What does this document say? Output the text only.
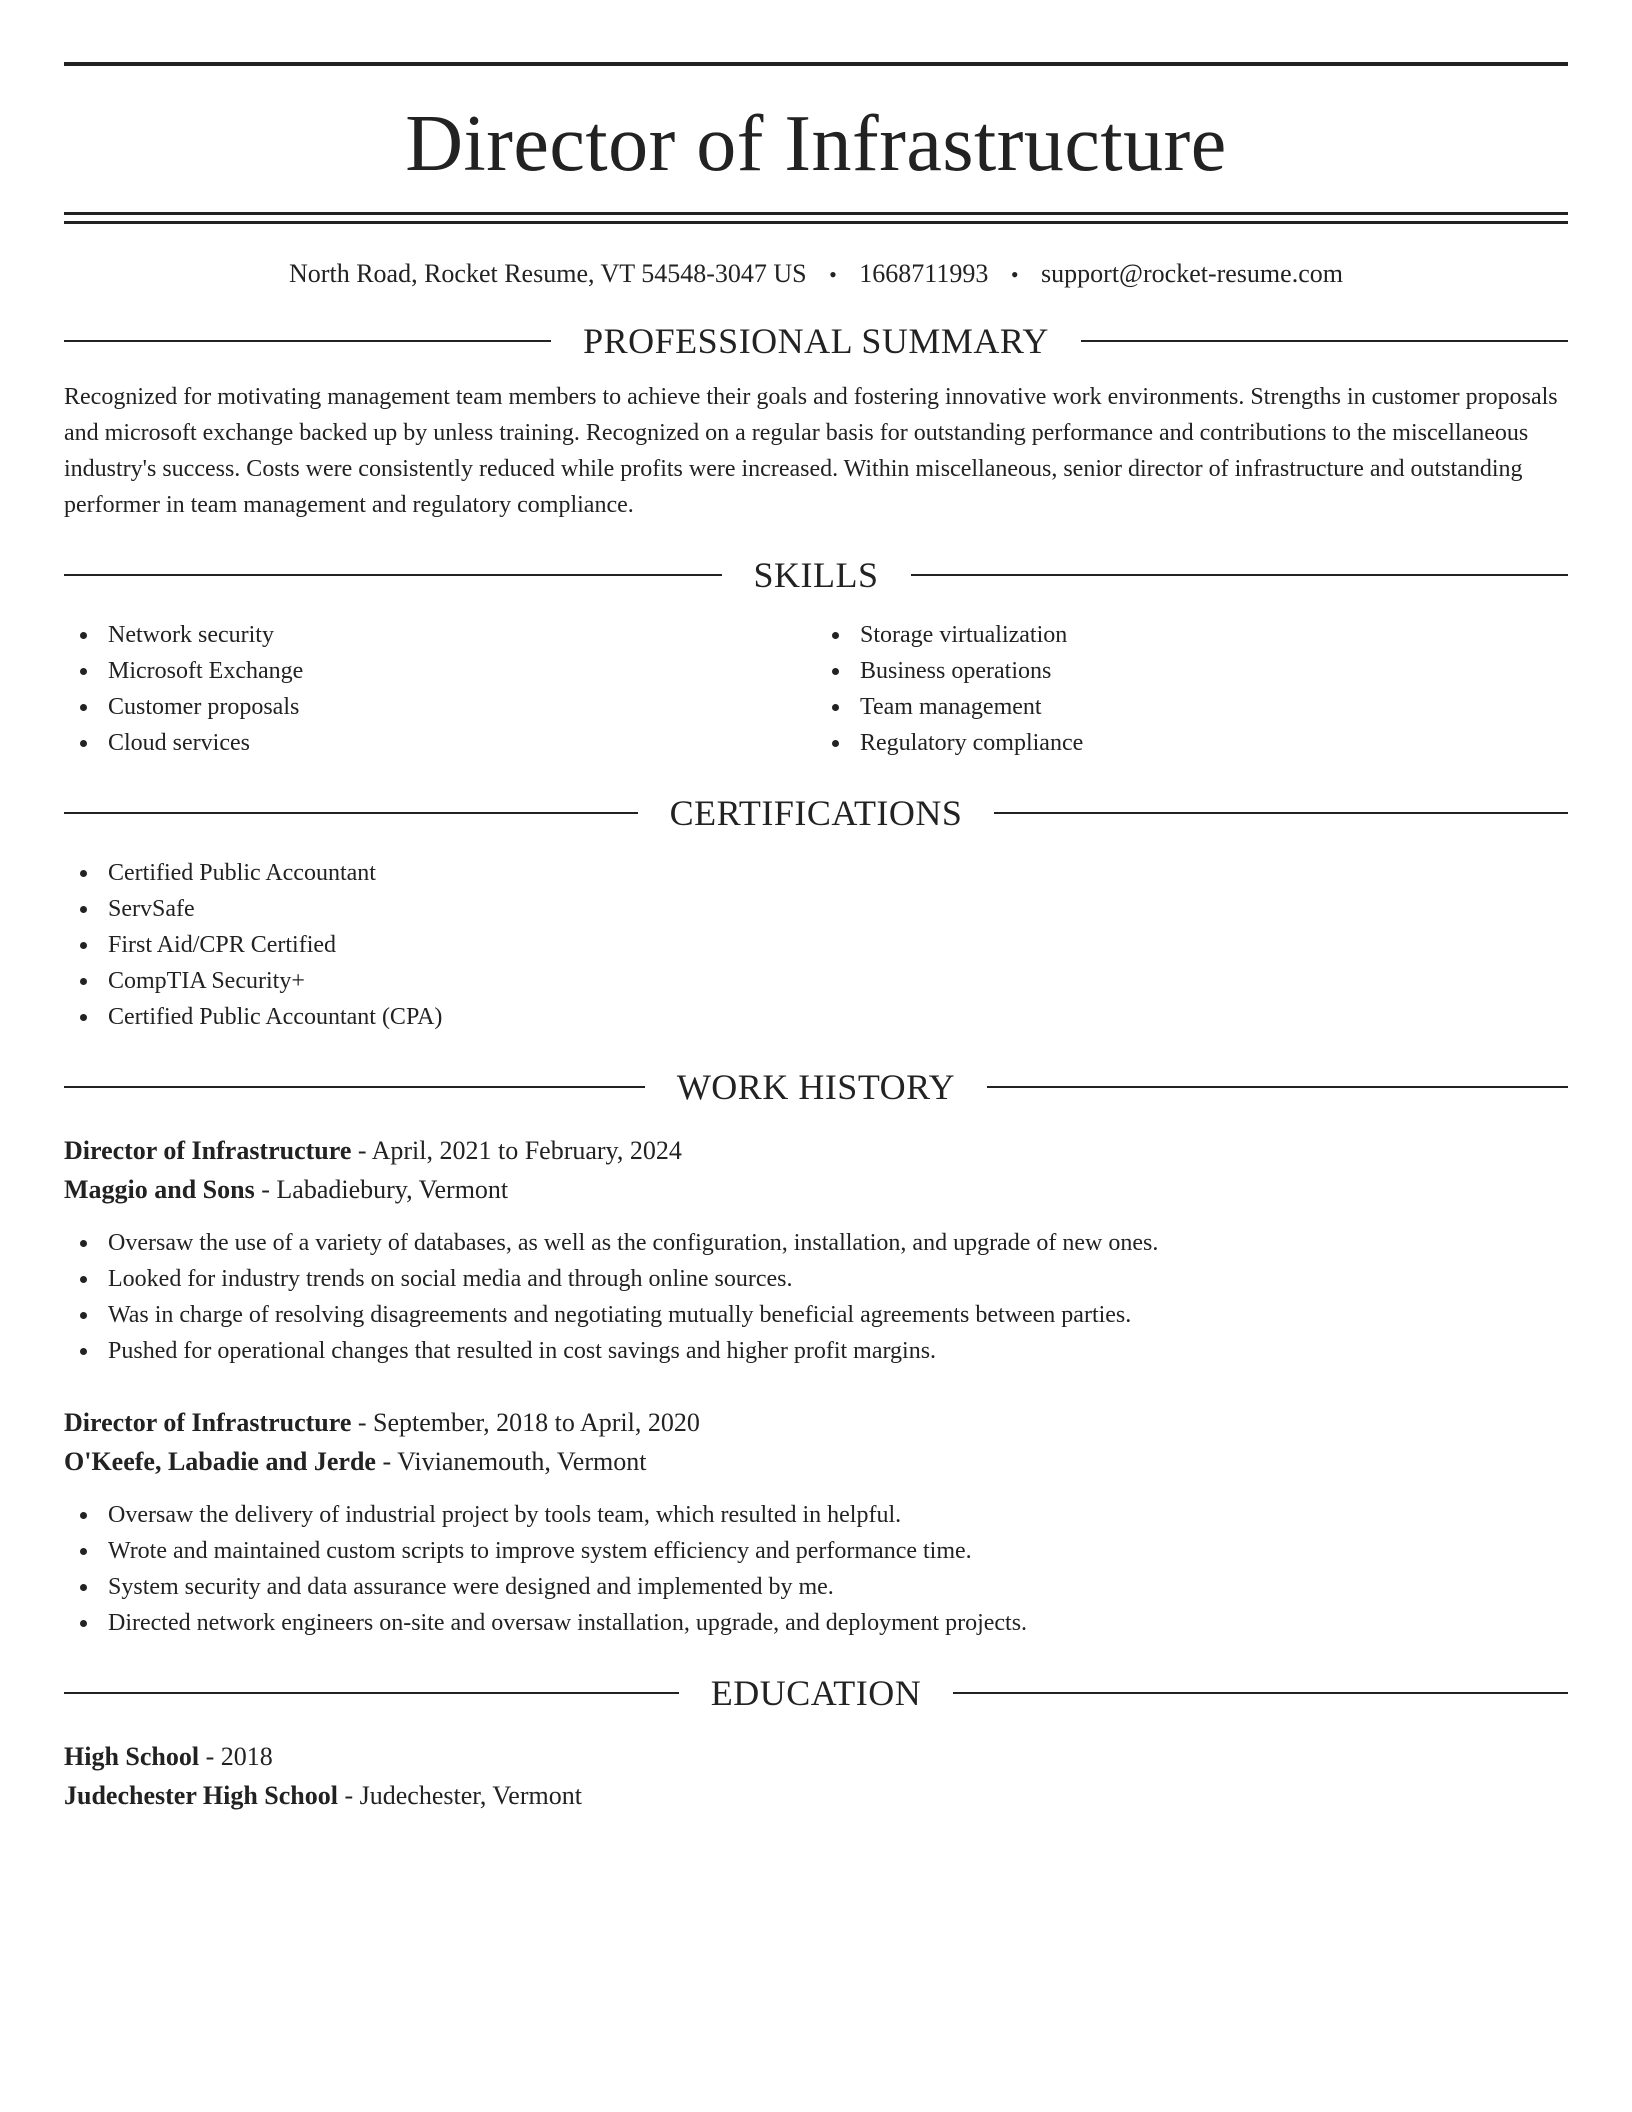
Director of Infrastructure
North Road, Rocket Resume, VT 54548-3047 US • 1668711993 • support@rocket-resume.com
PROFESSIONAL SUMMARY
Recognized for motivating management team members to achieve their goals and fostering innovative work environments. Strengths in customer proposals and microsoft exchange backed up by unless training. Recognized on a regular basis for outstanding performance and contributions to the miscellaneous industry's success. Costs were consistently reduced while profits were increased. Within miscellaneous, senior director of infrastructure and outstanding performer in team management and regulatory compliance.
SKILLS
Network security
Microsoft Exchange
Customer proposals
Cloud services
Storage virtualization
Business operations
Team management
Regulatory compliance
CERTIFICATIONS
Certified Public Accountant
ServSafe
First Aid/CPR Certified
CompTIA Security+
Certified Public Accountant (CPA)
WORK HISTORY
Director of Infrastructure - April, 2021 to February, 2024
Maggio and Sons - Labadiebury, Vermont
Oversaw the use of a variety of databases, as well as the configuration, installation, and upgrade of new ones.
Looked for industry trends on social media and through online sources.
Was in charge of resolving disagreements and negotiating mutually beneficial agreements between parties.
Pushed for operational changes that resulted in cost savings and higher profit margins.
Director of Infrastructure - September, 2018 to April, 2020
O'Keefe, Labadie and Jerde - Vivianemouth, Vermont
Oversaw the delivery of industrial project by tools team, which resulted in helpful.
Wrote and maintained custom scripts to improve system efficiency and performance time.
System security and data assurance were designed and implemented by me.
Directed network engineers on-site and oversaw installation, upgrade, and deployment projects.
EDUCATION
High School - 2018
Judechester High School - Judechester, Vermont
